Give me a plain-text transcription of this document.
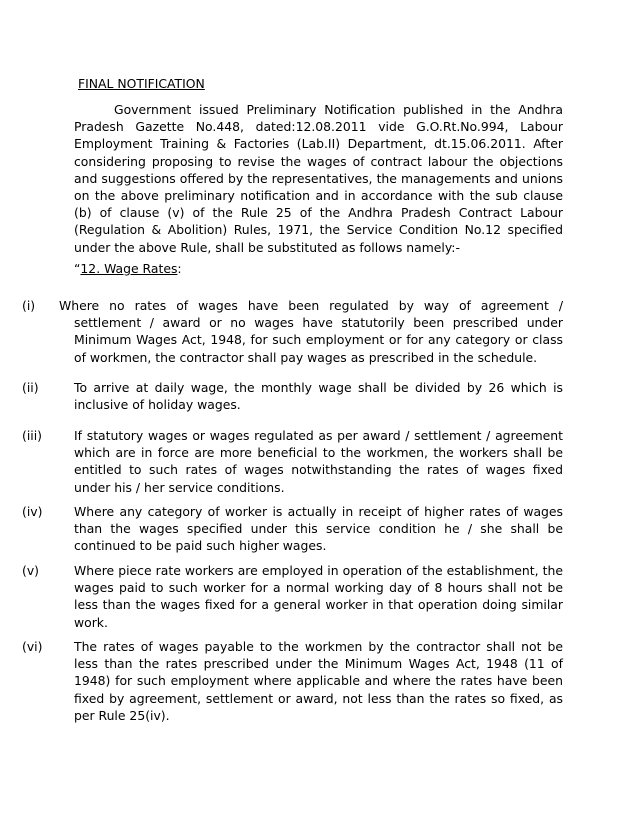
FINAL NOTIFICATION
Government issued Preliminary Notification published in the Andhra Pradesh Gazette No.448, dated:12.08.2011 vide G.O.Rt.No.994, Labour Employment Training & Factories (Lab.II) Department, dt.15.06.2011. After considering proposing to revise the wages of contract labour the objections and suggestions offered by the representatives, the managements and unions on the above preliminary notification and in accordance with the sub clause (b) of clause (v) of the Rule 25 of the Andhra Pradesh Contract Labour (Regulation & Abolition) Rules, 1971, the Service Condition No.12 specified under the above Rule, shall be substituted as follows namely:-
“12. Wage Rates:
(i) Where no rates of wages have been regulated by way of agreement /
settlement / award or no wages have statutorily been prescribed under Minimum Wages Act, 1948, for such employment or for any category or class of workmen, the contractor shall pay wages as prescribed in the schedule.
(ii)	To arrive at daily wage, the monthly wage shall be divided by 26 which is inclusive of holiday wages.
(iii)	If statutory wages or wages regulated as per award / settlement / agreement which are in force are more beneficial to the workmen, the workers shall be entitled to such rates of wages notwithstanding the rates of wages fixed under his / her service conditions.
(iv)	Where any category of worker is actually in receipt of higher rates of wages than the wages specified under this service condition he / she shall be continued to be paid such higher wages.
(v)	Where piece rate workers are employed in operation of the establishment, the wages paid to such worker for a normal working day of 8 hours shall not be less than the wages fixed for a general worker in that operation doing similar work.
(vi)	The rates of wages payable to the workmen by the contractor shall not be less than the rates prescribed under the Minimum Wages Act, 1948 (11 of 1948) for such employment where applicable and where the rates have been fixed by agreement, settlement or award, not less than the rates so fixed, as per Rule 25(iv).
